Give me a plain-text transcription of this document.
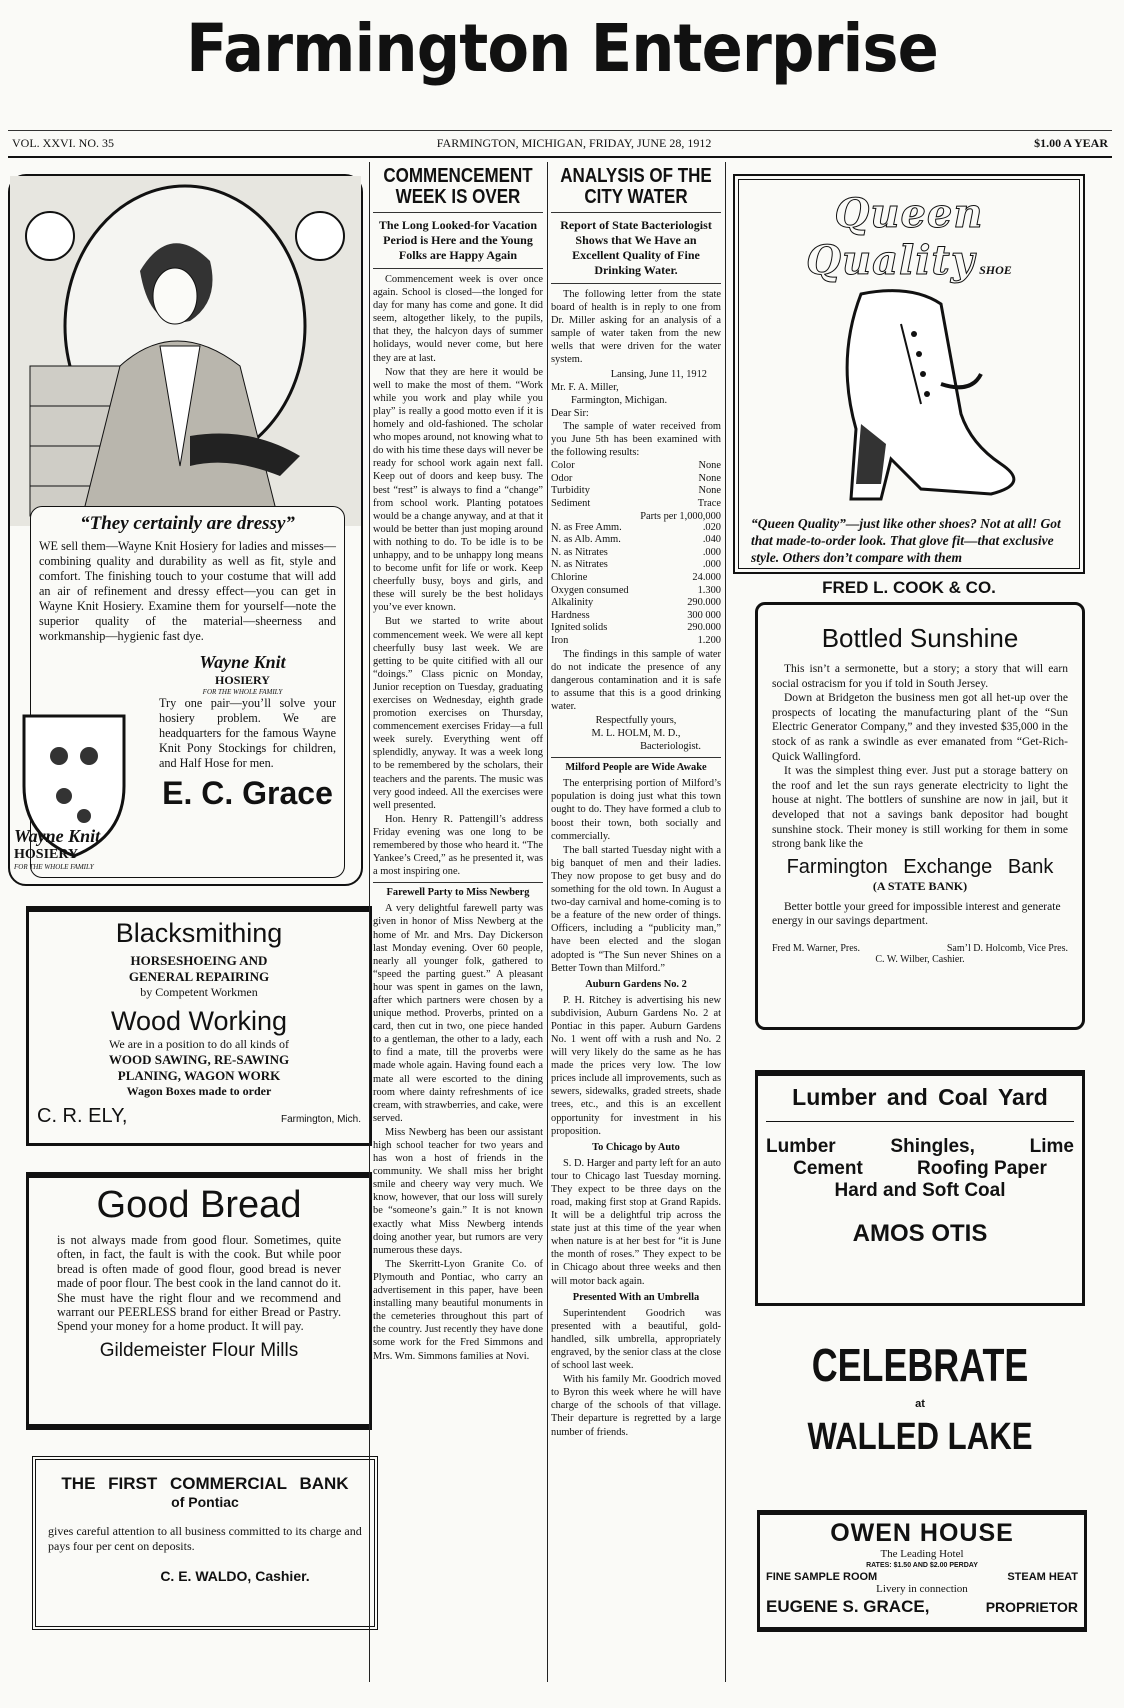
Farmington Enterprise
VOL. XXVI. NO. 35	FARMINGTON, MICHIGAN, FRIDAY, JUNE 28, 1912	$1.00 A YEAR
“They certainly are dressy”
WE sell them—Wayne Knit Hosiery for ladies and misses—combining quality and durability as well as fit, style and comfort. The finishing touch to your costume that will add an air of refinement and dressy effect—you can get in Wayne Knit Hosiery. Examine them for yourself—note the superior quality of the material—sheerness and workmanship—hygienic fast dye.
Wayne Knit
HOSIERY
FOR THE WHOLE FAMILY
Try one pair—you’ll solve your hosiery problem. We are headquarters for the famous Wayne Knit Pony Stockings for children, and Half Hose for men.
E. C. Grace
Wayne Knit
HOSIERY
FOR THE WHOLE FAMILY
Blacksmithing
HORSESHOEING AND
GENERAL REPAIRING
by Competent Workmen
Wood Working
We are in a position to do all kinds of
WOOD SAWING, RE-SAWING
PLANING, WAGON WORK
Wagon Boxes made to order
C. R. ELY,	Farmington, Mich.
Good Bread
is not always made from good flour. Sometimes, quite often, in fact, the fault is with the cook. But while poor bread is often made of good flour, good bread is never made of poor flour. The best cook in the land cannot do it. She must have the right flour and we recommend and warrant our PEERLESS brand for either Bread or Pastry. Spend your money for a home product. It will pay.
Gildemeister Flour Mills
THE FIRST COMMERCIAL BANK
of Pontiac
gives careful attention to all business committed to its charge and pays four per cent on deposits.
C. E. WALDO, Cashier.
COMMENCEMENT WEEK IS OVER
The Long Looked-for Vacation Period is Here and the Young Folks are Happy Again

Commencement week is over once again. School is closed—the longed for day for many has come and gone. It did seem, altogether likely, to the pupils, that they, the halcyon days of summer holidays, would never come, but here they are at last.

Now that they are here it would be well to make the most of them. “Work while you work and play while you play” is really a good motto even if it is homely and old-fashioned. The scholar who mopes around, not knowing what to do with his time these days will never be ready for school work again next fall. Keep out of doors and keep busy. The best “rest” is always to find a “change” from school work. Planting potatoes would be a change anyway, and at that it would be better than just moping around with nothing to do. To be idle is to be unhappy, and to be unhappy long means to become unfit for life or work. Keep cheerfully busy, boys and girls, and these will surely be the best holidays you’ve ever known.

But we started to write about commencement week. We were all kept cheerfully busy last week. We are getting to be quite citified with all our “doings.” Class picnic on Monday, Junior reception on Tuesday, graduating exercises on Wednesday, eighth grade promotion exercises on Thursday, commencement exercises Friday—a full week surely. Everything went off splendidly, anyway. It was a week long to be remembered by the scholars, their teachers and the parents. The music was very good indeed. All the exercises were well presented.

Hon. Henry R. Pattengill’s address Friday evening was one long to be remembered by those who heard it. “The Yankee’s Creed,” as he presented it, was a most inspiring one.

Farewell Party to Miss Newberg

A very delightful farewell party was given in honor of Miss Newberg at the home of Mr. and Mrs. Day Dickerson last Monday evening. Over 60 people, nearly all younger folk, gathered to “speed the parting guest.” A pleasant hour was spent in games on the lawn, after which partners were chosen by a unique method. Proverbs, printed on a card, then cut in two, one piece handed to a gentleman, the other to a lady, each to find a mate, till the proverbs were made whole again. Having found each a mate all were escorted to the dining room where dainty refreshments of ice cream, with strawberries, and cake, were served.

Miss Newberg has been our assistant high school teacher for two years and has won a host of friends in the community. We shall miss her bright smile and cheery way very much. We know, however, that our loss will surely be “someone’s gain.” It is not known exactly what Miss Newberg intends doing another year, but rumors are very numerous these days.

The Skerritt-Lyon Granite Co. of Plymouth and Pontiac, who carry an advertisement in this paper, have been installing many beautiful monuments in the cemeteries throughout this part of the country. Just recently they have done some work for the Fred Simmons and Mrs. Wm. Simmons families at Novi.

ANALYSIS OF THE CITY WATER
Report of State Bacteriologist Shows that We Have an Excellent Quality of Fine Drinking Water.

The following letter from the state board of health is in reply to one from Dr. Miller asking for an analysis of a sample of water taken from the new wells that were driven for the water system.

Lansing, June 11, 1912
Mr. F. A. Miller,
Farmington, Michigan.
Dear Sir:

The sample of water received from you June 5th has been examined with the following results:

Color	None
Odor	None
Turbidity	None
Sediment	Trace
Parts per 1,000,000
N. as Free Amm.	.020
N. as Alb. Amm.	.040
N. as Nitrates	.000
N. as Nitrates	.000
Chlorine	24.000
Oxygen consumed	1.300
Alkalinity	290.000
Hardness	300 000
Ignited solids	290.000
Iron	1.200

The findings in this sample of water do not indicate the presence of any dangerous contamination and it is safe to assume that this is a good drinking water.

Respectfully yours,
M. L. HOLM, M. D.,
Bacteriologist.
Milford People are Wide Awake

The enterprising portion of Milford’s population is doing just what this town ought to do. They have formed a club to boost their town, both socially and commercially.

The ball started Tuesday night with a big banquet of men and their ladies. They now propose to get busy and do something for the old town. In August a two-day carnival and home-coming is to be a feature of the new order of things. Officers, including a “publicity man,” have been elected and the slogan adopted is “The Sun never Shines on a Better Town than Milford.”

Auburn Gardens No. 2

P. H. Ritchey is advertising his new subdivision, Auburn Gardens No. 2 at Pontiac in this paper. Auburn Gardens No. 1 went off with a rush and No. 2 will very likely do the same as he has made the prices very low. The low prices include all improvements, such as sewers, sidewalks, graded streets, shade trees, etc., and this is an excellent opportunity for investment in his proposition.

To Chicago by Auto

S. D. Harger and party left for an auto tour to Chicago last Tuesday morning. They expect to be three days on the road, making first stop at Grand Rapids. It will be a delightful trip across the state just at this time of the year when when nature is at her best for “it is June the month of roses.” They expect to be in Chicago about three weeks and then will motor back again.

Presented With an Umbrella

Superintendent Goodrich was presented with a beautiful, gold-handled, silk umbrella, appropriately engraved, by the senior class at the close of school last week.

With his family Mr. Goodrich moved to Byron this week where he will have charge of the schools of that village. Their departure is regretted by a large number of friends.

Queen Quality SHOE
“Queen Quality”—just like other shoes? Not at all! Got that made-to-order look. That glove fit—that exclusive style. Others don’t compare with them
FRED L. COOK & CO.
Bottled Sunshine

This isn’t a sermonette, but a story; a story that will earn social ostracism for you if told in South Jersey.

Down at Bridgeton the business men got all het-up over the prospects of locating the manufacturing plant of the “Sun Electric Generator Company,” and they invested $35,000 in the stock of as rank a swindle as ever emanated from “Get-Rich-Quick Wallingford.

It was the simplest thing ever. Just put a storage battery on the roof and let the sun rays generate electricity to light the house at night. The bottlers of sunshine are now in jail, but it developed that not a savings bank depositor had bought sunshine stock. Their money is still working for them in some strong bank like the

Farmington Exchange Bank
(A STATE BANK)

Better bottle your greed for impossible interest and generate energy in our savings department.

Fred M. Warner, Pres.	Sam’l D. Holcomb, Vice Pres.
C. W. Wilber, Cashier.
Lumber and Coal Yard
Lumber	Shingles,	Lime
Cement	Roofing Paper
Hard and Soft Coal
AMOS OTIS
CELEBRATE
at
WALLED LAKE
OWEN HOUSE
The Leading Hotel
RATES: $1.50 AND $2.00 PERDAY
FINE SAMPLE ROOM	STEAM HEAT
Livery in connection
EUGENE S. GRACE,	PROPRIETOR
